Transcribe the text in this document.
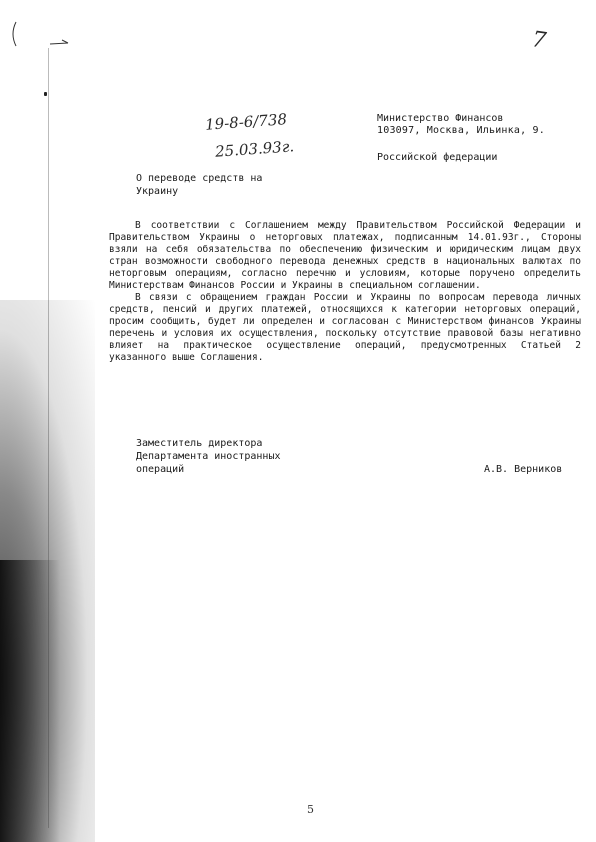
7

Министерство Финансов

Российской федерации

103097, Москва, Ильинка, 9.
19-8-6/738
25.03.93г.
О переводе средств на
Украину

В соответствии с Соглашением между Правительством Российской Федерации и Правительством Украины о неторговых платежах, подписанным 14.01.93г., Стороны взяли на себя обязательства по обеспечению физическим и юридическим лицам двух стран возможности свободного перевода денежных средств в национальных валютах по неторговым операциям, согласно перечню и условиям, которые поручено определить Министерствам Финансов России и Украины в специальном соглашении.

В связи с обращением граждан России и Украины по вопросам перевода личных средств, пенсий и других платежей, относящихся к категории неторговых операций, просим сообщить, будет ли определен и согласован с Министерством финансов Украины перечень и условия их осуществления, поскольку отсутствие правовой базы негативно влияет на практическое осуществление операций, предусмотренных Статьей 2 указанного выше Соглашения.

Заместитель директора
Департамента иностранных
операций	А.В. Верников
5
